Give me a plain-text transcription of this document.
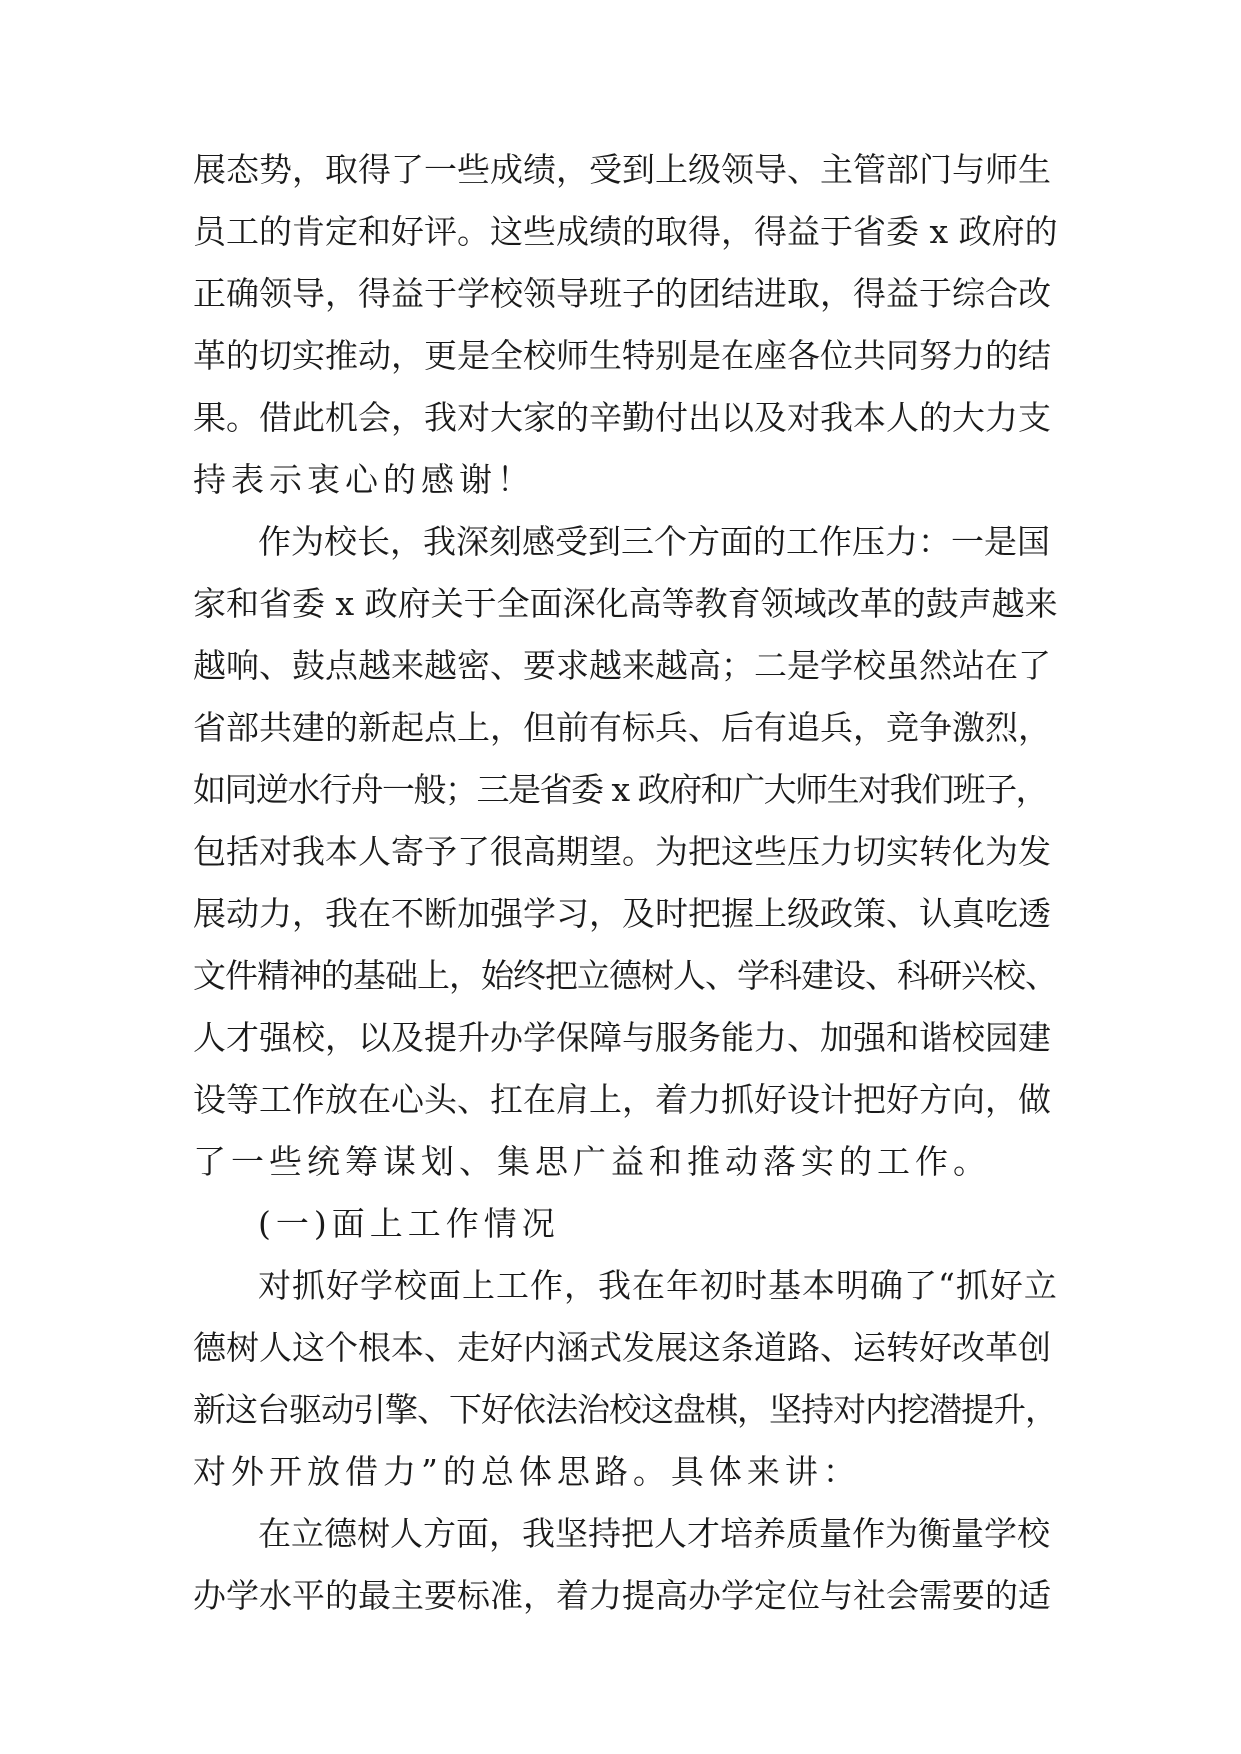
展态势，取得了一些成绩，受到上级领导、主管部门与师生
员工的肯定和好评。这些成绩的取得，得益于省委 x 政府的
正确领导，得益于学校领导班子的团结进取，得益于综合改
革的切实推动，更是全校师生特别是在座各位共同努力的结
果。借此机会，我对大家的辛勤付出以及对我本人的大力支
持表示衷心的感谢！
作为校长，我深刻感受到三个方面的工作压力：一是国
家和省委 x 政府关于全面深化高等教育领域改革的鼓声越来
越响、鼓点越来越密、要求越来越高；二是学校虽然站在了
省部共建的新起点上，但前有标兵、后有追兵，竞争激烈，
如同逆水行舟一般；三是省委 x 政府和广大师生对我们班子，
包括对我本人寄予了很高期望。为把这些压力切实转化为发
展动力，我在不断加强学习，及时把握上级政策、认真吃透
文件精神的基础上，始终把立德树人、学科建设、科研兴校、
人才强校，以及提升办学保障与服务能力、加强和谐校园建
设等工作放在心头、扛在肩上，着力抓好设计把好方向，做
了一些统筹谋划、集思广益和推动落实的工作。
(一)面上工作情况
对抓好学校面上工作，我在年初时基本明确了“抓好立
德树人这个根本、走好内涵式发展这条道路、运转好改革创
新这台驱动引擎、下好依法治校这盘棋，坚持对内挖潜提升，
对外开放借力”的总体思路。具体来讲：
在立德树人方面，我坚持把人才培养质量作为衡量学校
办学水平的最主要标准，着力提高办学定位与社会需要的适
